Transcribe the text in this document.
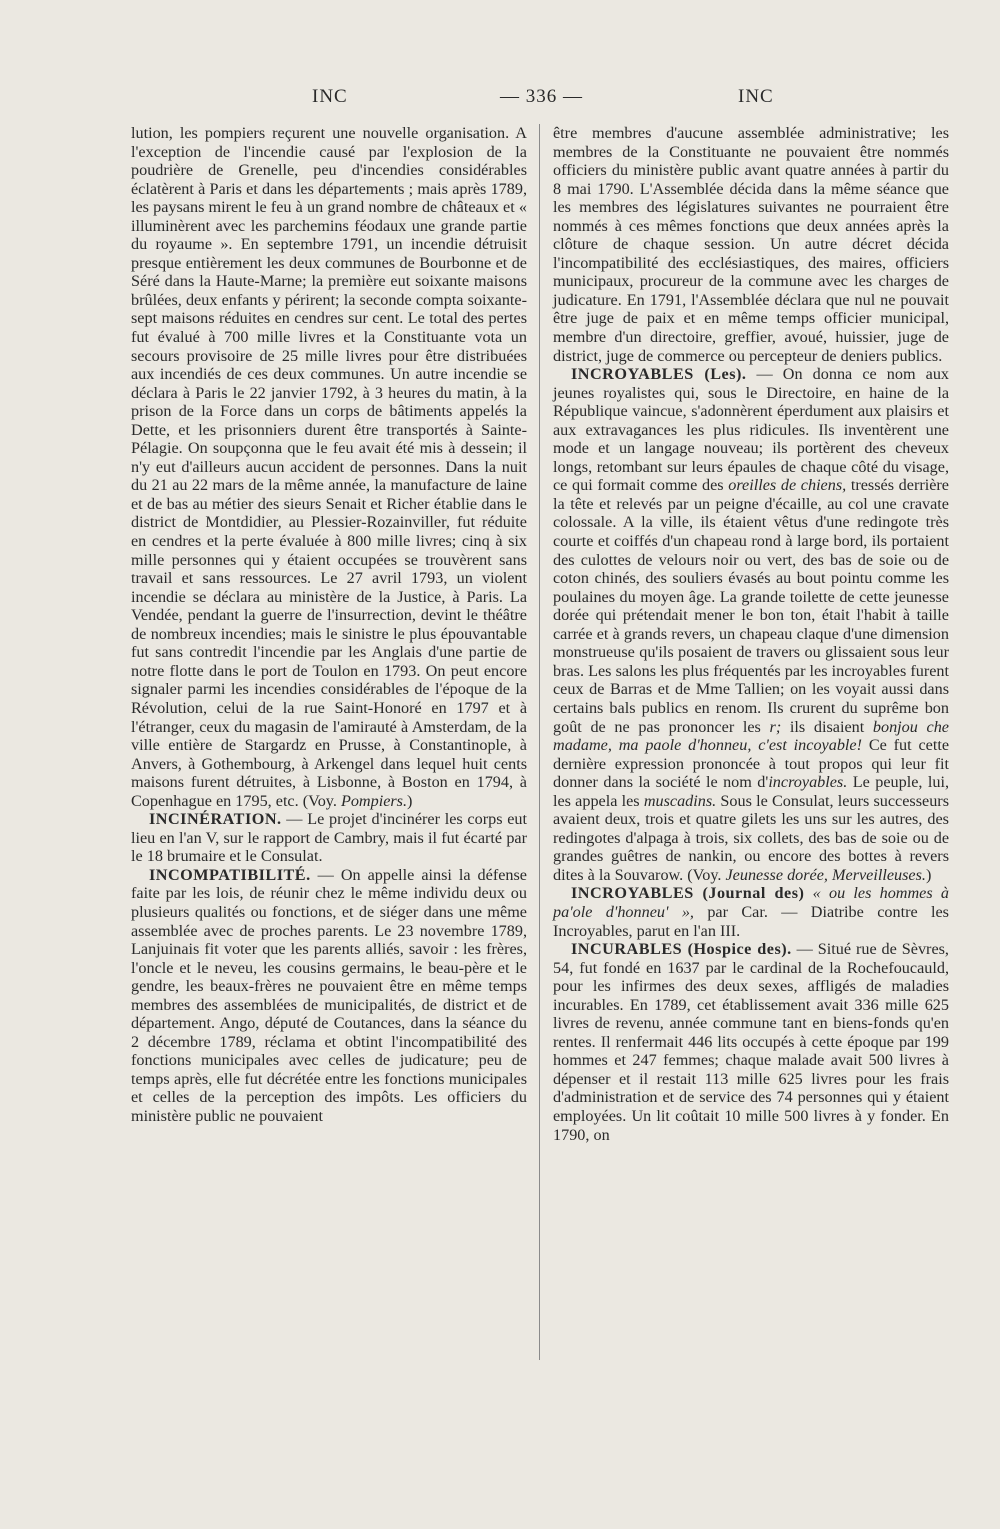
INC	— 336 —	INC

lution, les pompiers reçurent une nouvelle organisation. A l'exception de l'incendie causé par l'explosion de la poudrière de Grenelle, peu d'incendies considérables éclatèrent à Paris et dans les départements ; mais après 1789, les paysans mirent le feu à un grand nombre de châteaux et « illuminèrent avec les parchemins féodaux une grande partie du royaume ». En septembre 1791, un incendie détruisit presque entièrement les deux communes de Bourbonne et de Séré dans la Haute-Marne; la première eut soixante maisons brûlées, deux enfants y périrent; la seconde compta soixante-sept maisons réduites en cendres sur cent. Le total des pertes fut évalué à 700 mille livres et la Constituante vota un secours provisoire de 25 mille livres pour être distribuées aux incendiés de ces deux communes. Un autre incendie se déclara à Paris le 22 janvier 1792, à 3 heures du matin, à la prison de la Force dans un corps de bâtiments appelés la Dette, et les prisonniers durent être transportés à Sainte-Pélagie. On soupçonna que le feu avait été mis à dessein; il n'y eut d'ailleurs aucun accident de personnes. Dans la nuit du 21 au 22 mars de la même année, la manufacture de laine et de bas au métier des sieurs Senait et Richer établie dans le district de Montdidier, au Plessier-Rozainviller, fut réduite en cendres et la perte évaluée à 800 mille livres; cinq à six mille personnes qui y étaient occupées se trouvèrent sans travail et sans ressources. Le 27 avril 1793, un violent incendie se déclara au ministère de la Justice, à Paris. La Vendée, pendant la guerre de l'insurrection, devint le théâtre de nombreux incendies; mais le sinistre le plus épouvantable fut sans contredit l'incendie par les Anglais d'une partie de notre flotte dans le port de Toulon en 1793. On peut encore signaler parmi les incendies considérables de l'époque de la Révolution, celui de la rue Saint-Honoré en 1797 et à l'étranger, ceux du magasin de l'amirauté à Amsterdam, de la ville entière de Stargardz en Prusse, à Constantinople, à Anvers, à Gothembourg, à Arkengel dans lequel huit cents maisons furent détruites, à Lisbonne, à Boston en 1794, à Copenhague en 1795, etc. (Voy. Pompiers.)

INCINÉRATION. — Le projet d'incinérer les corps eut lieu en l'an V, sur le rapport de Cambry, mais il fut écarté par le 18 brumaire et le Consulat.

INCOMPATIBILITÉ. — On appelle ainsi la défense faite par les lois, de réunir chez le même individu deux ou plusieurs qualités ou fonctions, et de siéger dans une même assemblée avec de proches parents. Le 23 novembre 1789, Lanjuinais fit voter que les parents alliés, savoir : les frères, l'oncle et le neveu, les cousins germains, le beau-père et le gendre, les beaux-frères ne pouvaient être en même temps membres des assemblées de municipalités, de district et de département. Ango, député de Coutances, dans la séance du 2 décembre 1789, réclama et obtint l'incompatibilité des fonctions municipales avec celles de judicature; peu de temps après, elle fut décrétée entre les fonctions municipales et celles de la perception des impôts. Les officiers du ministère public ne pouvaient

être membres d'aucune assemblée administrative; les membres de la Constituante ne pouvaient être nommés officiers du ministère public avant quatre années à partir du 8 mai 1790. L'Assemblée décida dans la même séance que les membres des législatures suivantes ne pourraient être nommés à ces mêmes fonctions que deux années après la clôture de chaque session. Un autre décret décida l'incompatibilité des ecclésiastiques, des maires, officiers municipaux, procureur de la commune avec les charges de judicature. En 1791, l'Assemblée déclara que nul ne pouvait être juge de paix et en même temps officier municipal, membre d'un directoire, greffier, avoué, huissier, juge de district, juge de commerce ou percepteur de deniers publics.

INCROYABLES (Les). — On donna ce nom aux jeunes royalistes qui, sous le Directoire, en haine de la République vaincue, s'adonnèrent éperdument aux plaisirs et aux extravagances les plus ridicules. Ils inventèrent une mode et un langage nouveau; ils portèrent des cheveux longs, retombant sur leurs épaules de chaque côté du visage, ce qui formait comme des oreilles de chiens, tressés derrière la tête et relevés par un peigne d'écaille, au col une cravate colossale. A la ville, ils étaient vêtus d'une redingote très courte et coiffés d'un chapeau rond à large bord, ils portaient des culottes de velours noir ou vert, des bas de soie ou de coton chinés, des souliers évasés au bout pointu comme les poulaines du moyen âge. La grande toilette de cette jeunesse dorée qui prétendait mener le bon ton, était l'habit à taille carrée et à grands revers, un chapeau claque d'une dimension monstrueuse qu'ils posaient de travers ou glissaient sous leur bras. Les salons les plus fréquentés par les incroyables furent ceux de Barras et de Mme Tallien; on les voyait aussi dans certains bals publics en renom. Ils crurent du suprême bon goût de ne pas prononcer les r; ils disaient bonjou che madame, ma paole d'honneu, c'est incoyable! Ce fut cette dernière expression prononcée à tout propos qui leur fit donner dans la société le nom d'incroyables. Le peuple, lui, les appela les muscadins. Sous le Consulat, leurs successeurs avaient deux, trois et quatre gilets les uns sur les autres, des redingotes d'alpaga à trois, six collets, des bas de soie ou de grandes guêtres de nankin, ou encore des bottes à revers dites à la Souvarow. (Voy. Jeunesse dorée, Merveilleuses.)

INCROYABLES (Journal des) « ou les hommes à pa'ole d'honneu' », par Car. — Diatribe contre les Incroyables, parut en l'an III.

INCURABLES (Hospice des). — Situé rue de Sèvres, 54, fut fondé en 1637 par le cardinal de la Rochefoucauld, pour les infirmes des deux sexes, affligés de maladies incurables. En 1789, cet établissement avait 336 mille 625 livres de revenu, année commune tant en biens-fonds qu'en rentes. Il renfermait 446 lits occupés à cette époque par 199 hommes et 247 femmes; chaque malade avait 500 livres à dépenser et il restait 113 mille 625 livres pour les frais d'administration et de service des 74 personnes qui y étaient employées. Un lit coûtait 10 mille 500 livres à y fonder. En 1790, on
